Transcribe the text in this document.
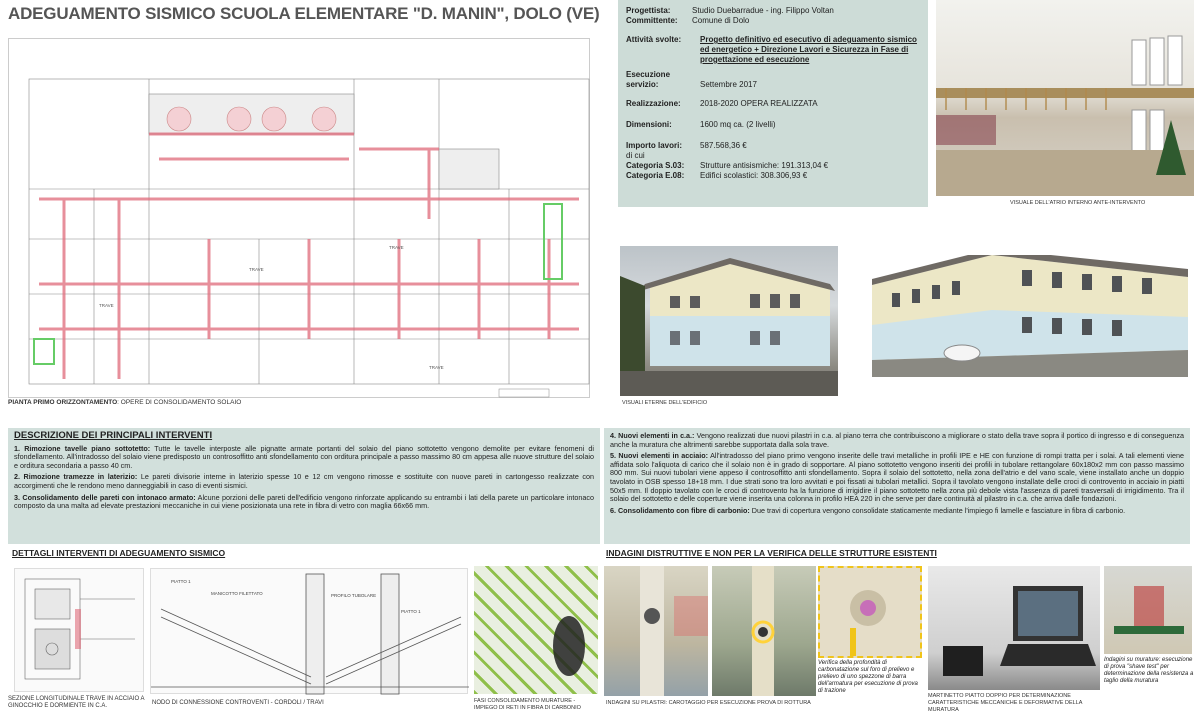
ADEGUAMENTO SISMICO SCUOLA ELEMENTARE "D. MANIN", DOLO (VE)
TRAVE
TRAVE
TRAVE
TRAVE
PIANTA PRIMO ORIZZONTAMENTO: OPERE DI CONSOLIDAMENTO SOLAIO
Progettista:	Studio Duebarradue - ing. Filippo Voltan
Committente:	Comune di Dolo
Attività svolte:	Progetto definitivo ed esecutivo di adeguamento sismico ed energetico + Direzione Lavori e Sicurezza in Fase di progettazione ed esecuzione
Esecuzione servizio:	Settembre 2017
Realizzazione:	2018-2020 OPERA REALIZZATA
Dimensioni:	1600 mq ca. (2 livelli)
Importo lavori:	587.568,36 €
di cui
Categoria S.03:	Strutture antisismiche: 191.313,04 €
Categoria E.08:	Edifici scolastici: 308.306,93 €
VISUALE DELL'ATRIO INTERNO ANTE-INTERVENTO
VISUALI ETERNE DELL'EDIFICIO
DESCRIZIONE DEI PRINCIPALI INTERVENTI

1. Rimozione tavelle piano sottotetto: Tutte le tavelle interposte alle pignatte armate portanti del solaio del piano sottotetto vengono demolite per evitare fenomeni di sfondellamento. All'intradosso del solaio viene predisposto un controsoffitto anti sfondellamento con orditura principale a passo massimo 80 cm appesa alle nuove strutture del solaio e orditura secondaria a passo 40 cm.

2. Rimozione tramezze in laterizio: Le pareti divisorie interne in laterizio spesse 10 e 12 cm vengono rimosse e sostituite con nuove pareti in cartongesso realizzate con accorgimenti che le rendono meno danneggiabili in caso di eventi sismici.

3. Consolidamento delle pareti con intonaco armato: Alcune porzioni delle pareti dell'edificio vengono rinforzate applicando su entrambi i lati della parete un particolare intonaco composto da una malta ad elevate prestazioni meccaniche in cui viene posizionata una rete in fibra di vetro con maglia 66x66 mm.

4. Nuovi elementi in c.a.: Vengono realizzati due nuovi pilastri in c.a. al piano terra che contribuiscono a migliorare o stato della trave sopra il portico di ingresso e di conseguenza anche la muratura che altrimenti sarebbe supportata dalla sola trave.

5. Nuovi elementi in acciaio: All'intradosso del piano primo vengono inserite delle travi metalliche in profili IPE e HE con funzione di rompi tratta per i solai. A tali elementi viene affidata solo l'aliquota di carico che il solaio non è in grado di sopportare. Al piano sottotetto vengono inseriti dei profili in tubolare rettangolare 60x180x2 mm con passo massimo 800 mm. Sui nuovi tubolari viene appeso il controsoffitto anti sfondellamento. Sopra il solaio del sottotetto, nella zona dell'atrio e del vano scale, viene installato anche un doppio tavolato in OSB spesso 18+18 mm. I due strati sono tra loro avvitati e poi fissati ai tubolari metallici. Sopra il tavolato vengono installate delle croci di controvento in acciaio in piatti 50x5 mm. Il doppio tavolato con le croci di controvento ha la funzione di irrigidire il piano sottotetto nella zona più debole vista l'assenza di pareti trasversali di irrigidimento. Tra il solaio del sottotetto e delle coperture viene inserita una colonna in profilo HEA 220 in che serve per dare continuità al pilastro in c.a. che arriva dalle fondazioni.

6. Consolidamento con fibre di carbonio: Due travi di copertura vengono consolidate staticamente mediante l'impiego fi lamelle e fasciature in fibra di carbonio.

DETTAGLI INTERVENTI DI ADEGUAMENTO SISMICO	INDAGINI DISTRUTTIVE E NON PER LA VERIFICA DELLE STRUTTURE ESISTENTI
SEZIONE LONGITUDINALE TRAVE IN ACCIAIO A GINOCCHIO E DORMIENTE IN C.A.
PIATTO 1
MANICOTTO FILETTATO	PROFILO TUBOLARE
PIATTO 1
NODO DI CONNESSIONE CONTROVENTI - CORDOLI / TRAVI	FASI CONSOLIDAMENTO MURATURE - IMPIEGO DI RETI IN FIBRA DI CARBONIO
INDAGINI SU PILASTRI: CAROTAGGIO PER ESECUZIONE PROVA DI ROTTURA
Verifica della profondità di carbonatazione sul foro di prelievo e prelievo di uno spezzone di barra dell'armatura per esecuzione di prova di trazione
MARTINETTO PIATTO DOPPIO PER DETERMINAZIONE CARATTERISTICHE MECCANICHE E DEFORMATIVE DELLA MURATURA
Indagini su murature: esecuzione di prova "shave test" per determinazione della resistenza a taglio della muratura
